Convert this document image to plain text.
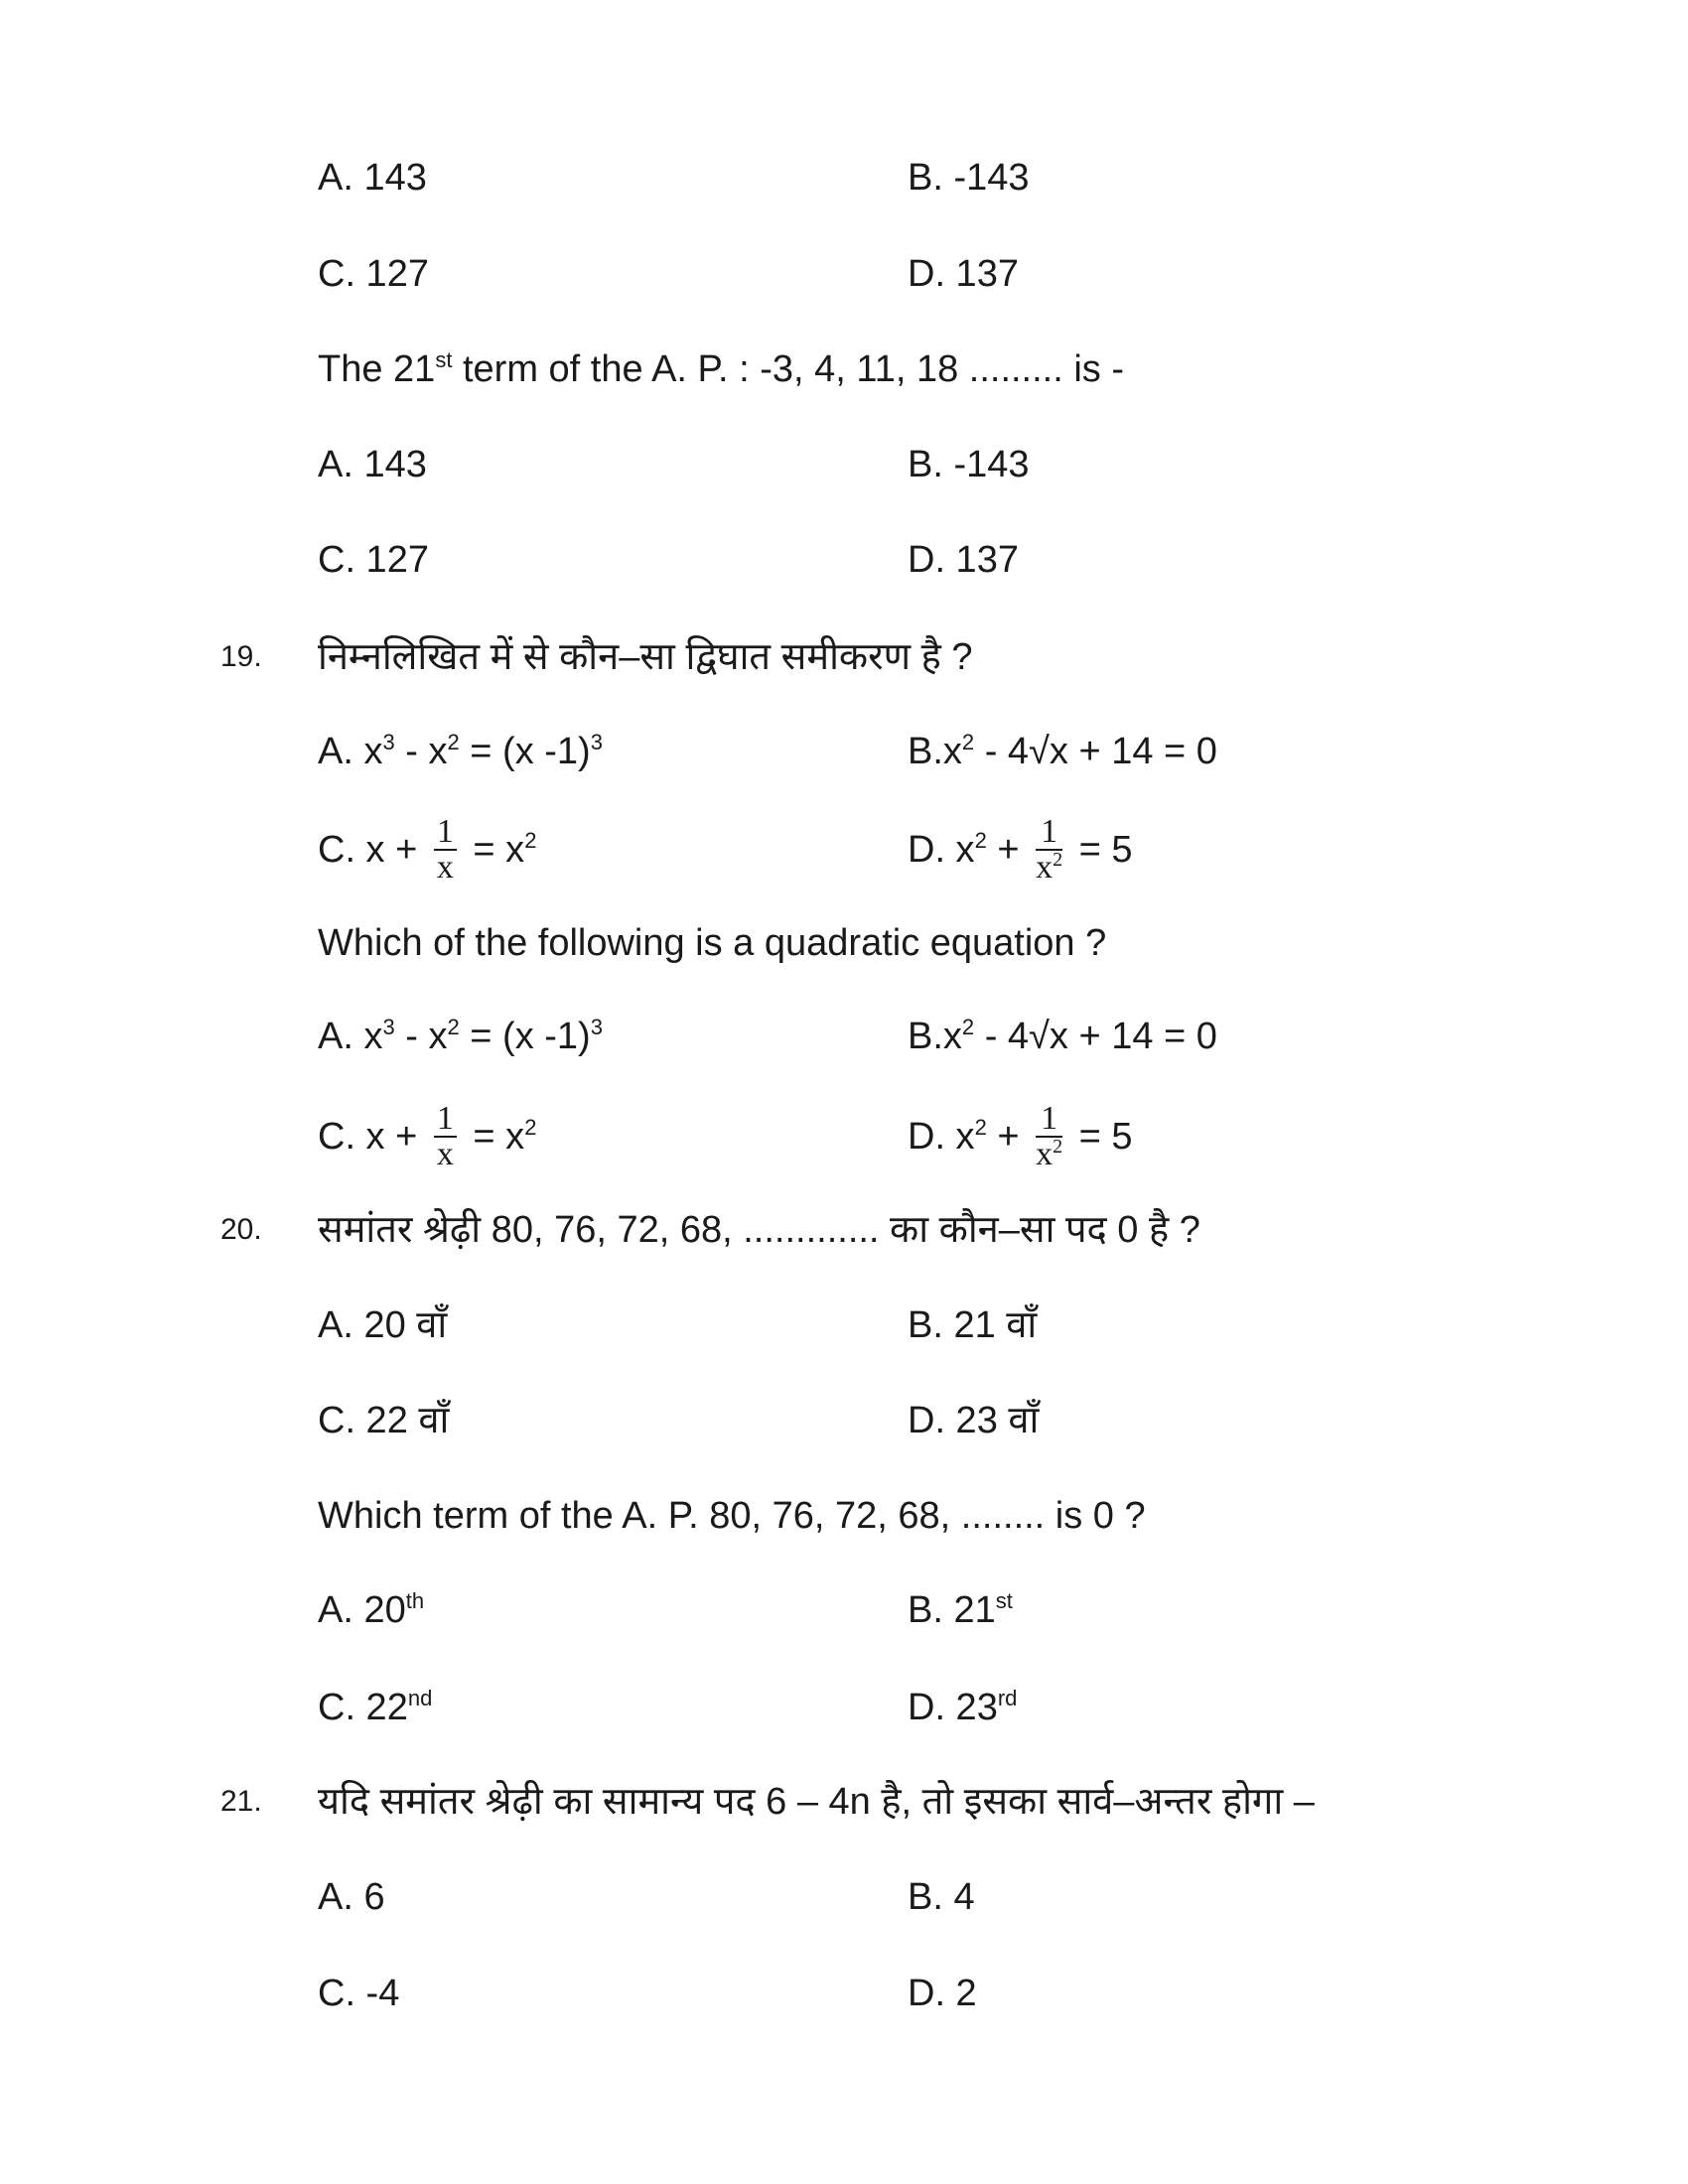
A. 143	B. -143
C. 127	D. 137
The 21st term of the A. P. : -3, 4, 11, 18 ......... is -
A. 143	B. -143
C. 127	D. 137
19. निम्नलिखित में से कौन–सा द्विघात समीकरण है ?
A. $x^3 - x^2 = (x$ -1)$^3$	$B.x^2 - 4√x + 14 = 0$
C. $x + \frac{1}{x} = x^2$	D. $x^2 + \frac{1}{x^2} = 5$
Which of the following is a quadratic equation ?
A. $x^3 - x^2 = (x$ -1)$^3$	$B.x^2 - 4√x + 14 = 0$
C. $x + \frac{1}{x} = x^2$	D. $x^2 + \frac{1}{x^2} = 5$
20. समांतर श्रेढ़ी 80, 76, 72, 68, ............. का कौन–सा पद 0 है ?
A. 20 वाँ	B. 21 वाँ
C. 22 वाँ	D. 23 वाँ
Which term of the A. P. 80, 76, 72, 68, ........ is 0 ?
A. 20th	B. 21st
C. 22nd	D. 23rd
21. यदि समांतर श्रेढ़ी का सामान्य पद 6 – 4n है, तो इसका सार्व–अन्तर होगा –
A. 6	B. 4
C. -4	D. 2
